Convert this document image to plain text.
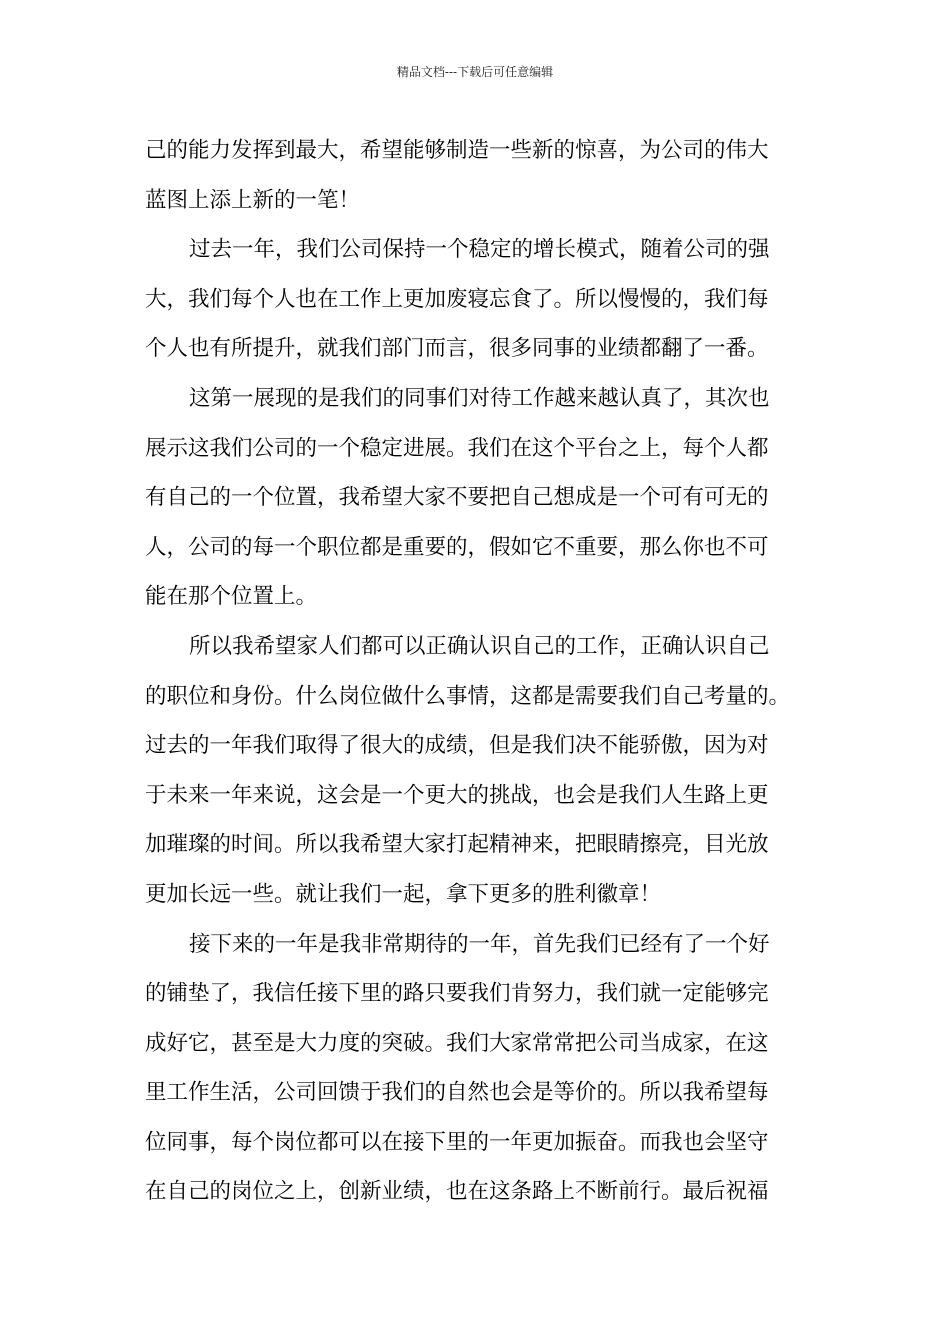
精品文档---下载后可任意编辑
己的能力发挥到最大，希望能够制造一些新的惊喜，为公司的伟大
蓝图上添上新的一笔！
过去一年，我们公司保持一个稳定的增长模式，随着公司的强
大，我们每个人也在工作上更加废寝忘食了。所以慢慢的，我们每
个人也有所提升，就我们部门而言，很多同事的业绩都翻了一番。
这第一展现的是我们的同事们对待工作越来越认真了，其次也
展示这我们公司的一个稳定进展。我们在这个平台之上，每个人都
有自己的一个位置，我希望大家不要把自己想成是一个可有可无的
人，公司的每一个职位都是重要的，假如它不重要，那么你也不可
能在那个位置上。
所以我希望家人们都可以正确认识自己的工作，正确认识自己
的职位和身份。什么岗位做什么事情，这都是需要我们自己考量的。
过去的一年我们取得了很大的成绩，但是我们决不能骄傲，因为对
于未来一年来说，这会是一个更大的挑战，也会是我们人生路上更
加璀璨的时间。所以我希望大家打起精神来，把眼睛擦亮，目光放
更加长远一些。就让我们一起，拿下更多的胜利徽章！
接下来的一年是我非常期待的一年，首先我们已经有了一个好
的铺垫了，我信任接下里的路只要我们肯努力，我们就一定能够完
成好它，甚至是大力度的突破。我们大家常常把公司当成家，在这
里工作生活，公司回馈于我们的自然也会是等价的。所以我希望每
位同事，每个岗位都可以在接下里的一年更加振奋。而我也会坚守
在自己的岗位之上，创新业绩，也在这条路上不断前行。最后祝福
